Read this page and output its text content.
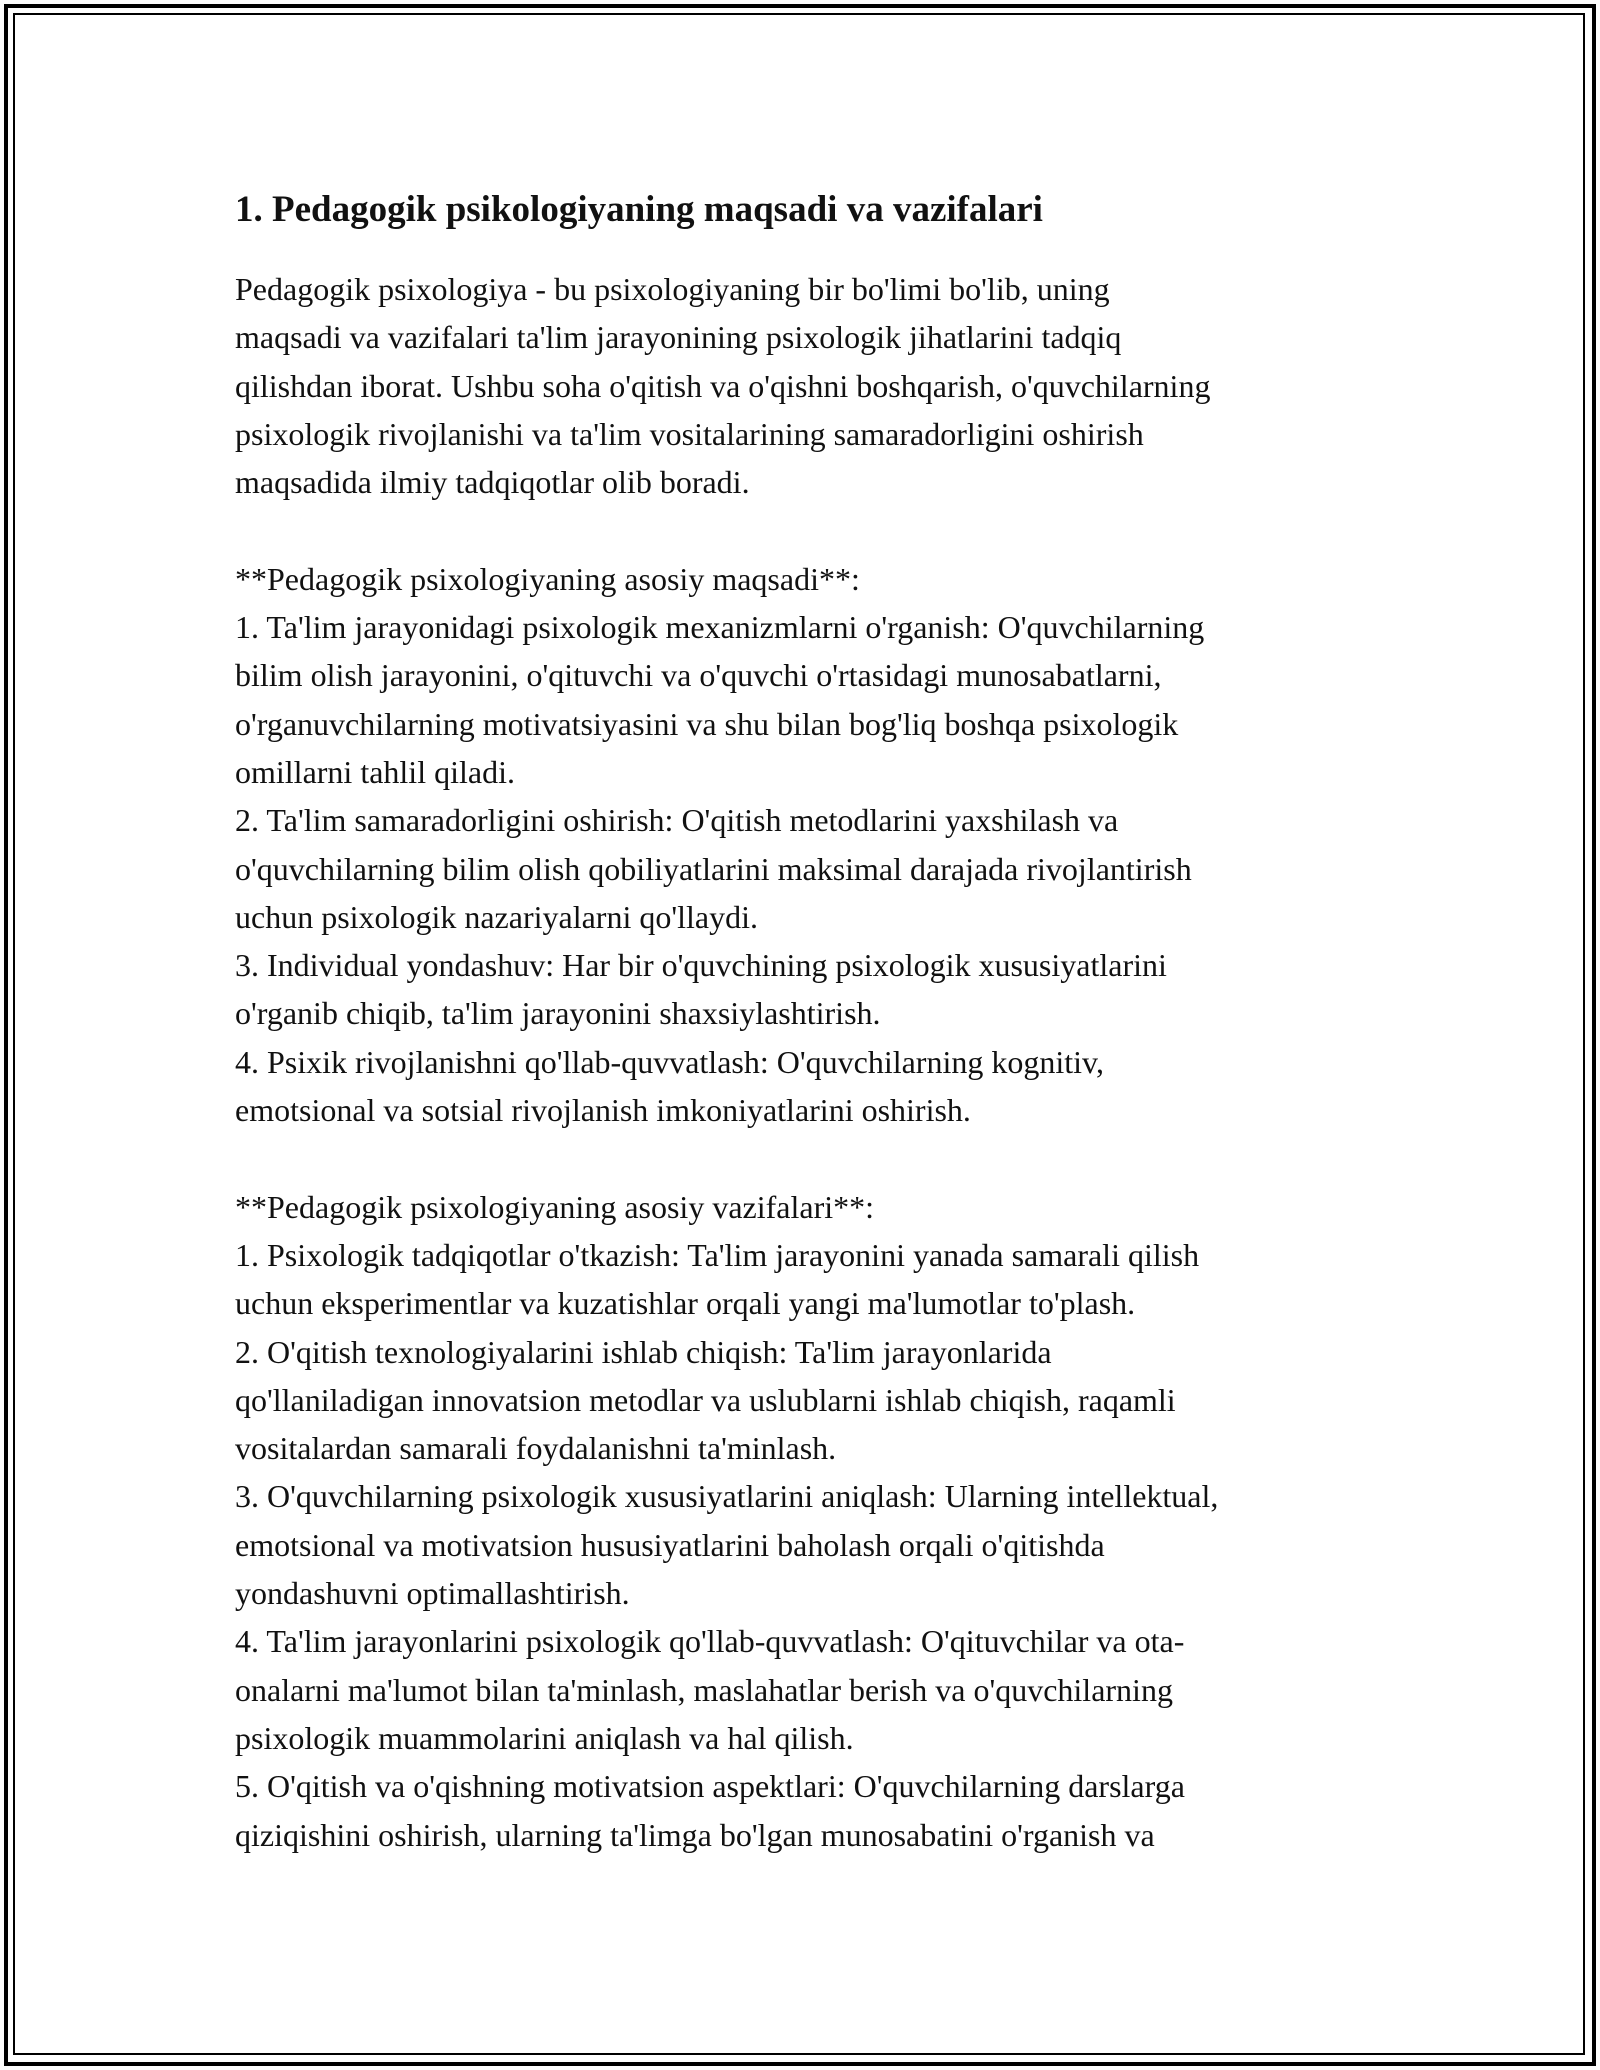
1. Pedagogik psikologiyaning maqsadi va vazifalari
Pedagogik psixologiya - bu psixologiyaning bir bo'limi bo'lib, uning
maqsadi va vazifalari ta'lim jarayonining psixologik jihatlarini tadqiq
qilishdan iborat. Ushbu soha o'qitish va o'qishni boshqarish, o'quvchilarning
psixologik rivojlanishi va ta'lim vositalarining samaradorligini oshirish
maqsadida ilmiy tadqiqotlar olib boradi.
**Pedagogik psixologiyaning asosiy maqsadi**:
1. Ta'lim jarayonidagi psixologik mexanizmlarni o'rganish: O'quvchilarning
bilim olish jarayonini, o'qituvchi va o'quvchi o'rtasidagi munosabatlarni,
o'rganuvchilarning motivatsiyasini va shu bilan bog'liq boshqa psixologik
omillarni tahlil qiladi.
2. Ta'lim samaradorligini oshirish: O'qitish metodlarini yaxshilash va
o'quvchilarning bilim olish qobiliyatlarini maksimal darajada rivojlantirish
uchun psixologik nazariyalarni qo'llaydi.
3. Individual yondashuv: Har bir o'quvchining psixologik xususiyatlarini
o'rganib chiqib, ta'lim jarayonini shaxsiylashtirish.
4. Psixik rivojlanishni qo'llab-quvvatlash: O'quvchilarning kognitiv,
emotsional va sotsial rivojlanish imkoniyatlarini oshirish.
**Pedagogik psixologiyaning asosiy vazifalari**:
1. Psixologik tadqiqotlar o'tkazish: Ta'lim jarayonini yanada samarali qilish
uchun eksperimentlar va kuzatishlar orqali yangi ma'lumotlar to'plash.
2. O'qitish texnologiyalarini ishlab chiqish: Ta'lim jarayonlarida
qo'llaniladigan innovatsion metodlar va uslublarni ishlab chiqish, raqamli
vositalardan samarali foydalanishni ta'minlash.
3. O'quvchilarning psixologik xususiyatlarini aniqlash: Ularning intellektual,
emotsional va motivatsion hususiyatlarini baholash orqali o'qitishda
yondashuvni optimallashtirish.
4. Ta'lim jarayonlarini psixologik qo'llab-quvvatlash: O'qituvchilar va ota-
onalarni ma'lumot bilan ta'minlash, maslahatlar berish va o'quvchilarning
psixologik muammolarini aniqlash va hal qilish.
5. O'qitish va o'qishning motivatsion aspektlari: O'quvchilarning darslarga
qiziqishini oshirish, ularning ta'limga bo'lgan munosabatini o'rganish va
